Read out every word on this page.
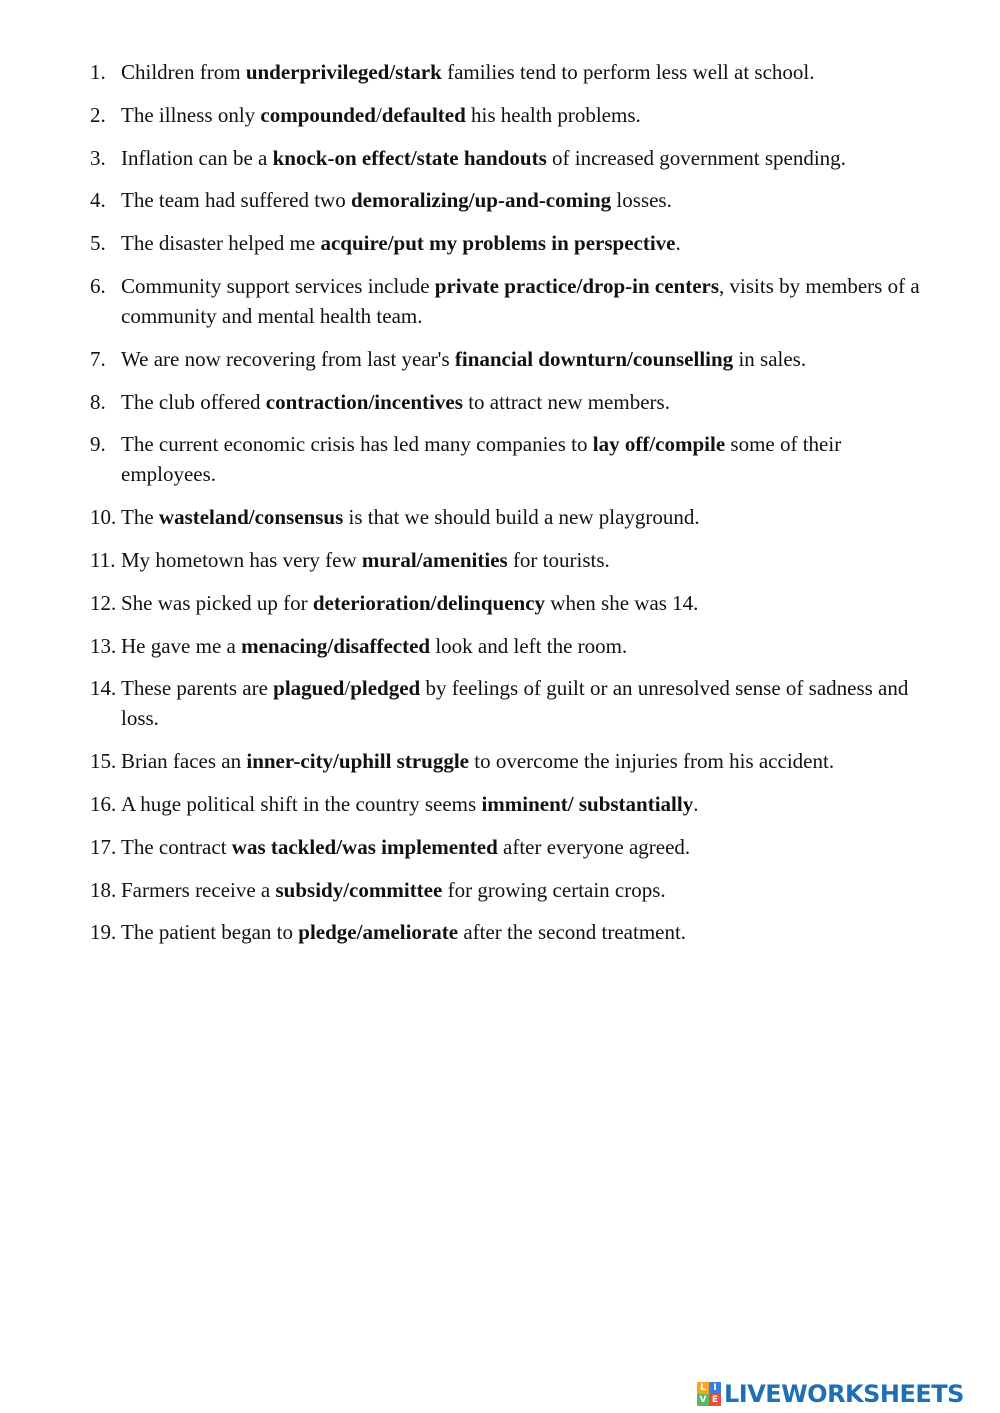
1. Children from underprivileged/stark families tend to perform less well at school.
2. The illness only compounded/defaulted his health problems.
3. Inflation can be a knock-on effect/state handouts of increased government spending.
4. The team had suffered two demoralizing/up-and-coming losses.
5. The disaster helped me acquire/put my problems in perspective.
6. Community support services include private practice/drop-in centers, visits by members of a community and mental health team.
7. We are now recovering from last year's financial downturn/counselling in sales.
8. The club offered contraction/incentives to attract new members.
9. The current economic crisis has led many companies to lay off/compile some of their employees.
10. The wasteland/consensus is that we should build a new playground.
11. My hometown has very few mural/amenities for tourists.
12. She was picked up for deterioration/delinquency when she was 14.
13. He gave me a menacing/disaffected look and left the room.
14. These parents are plagued/pledged by feelings of guilt or an unresolved sense of sadness and loss.
15. Brian faces an inner-city/uphill struggle to overcome the injuries from his accident.
16. A huge political shift in the country seems imminent/ substantially.
17. The contract was tackled/was implemented after everyone agreed.
18. Farmers receive a subsidy/committee for growing certain crops.
19. The patient began to pledge/ameliorate after the second treatment.
L I
V E LIVEWORKSHEETS
